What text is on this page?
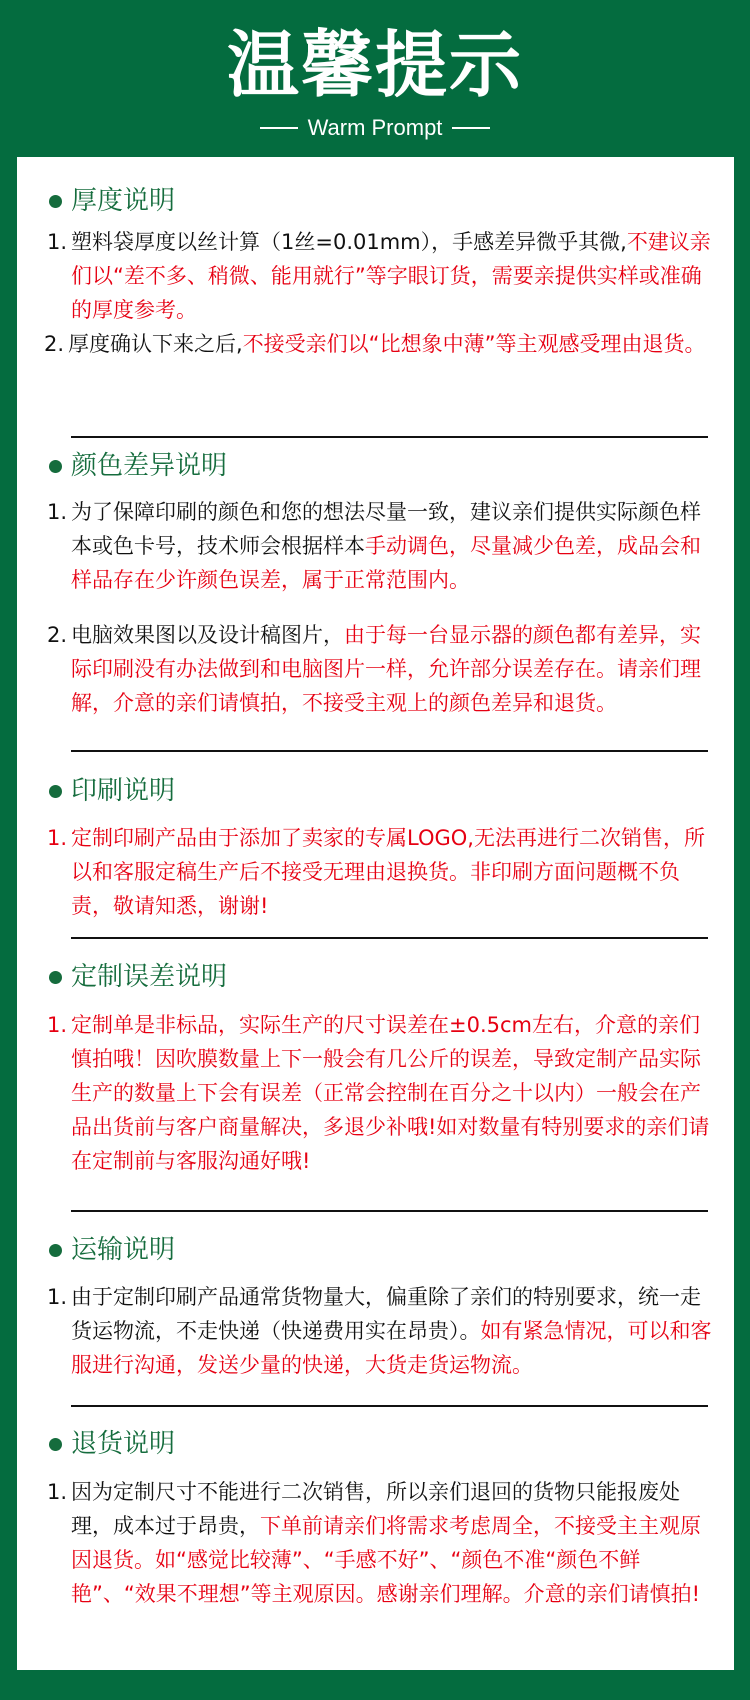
温馨提示
Warm Prompt
厚度说明
1. 塑料袋厚度以丝计算（1丝=0.01mm），手感差异微乎其微,不建议亲们以“差不多、稍微、能用就行”等字眼订货，需要亲提供实样或准确的厚度参考。
2. 厚度确认下来之后,不接受亲们以“比想象中薄”等主观感受理由退货。
颜色差异说明
1. 为了保障印刷的颜色和您的想法尽量一致，建议亲们提供实际颜色样本或色卡号，技术师会根据样本手动调色，尽量减少色差，成品会和样品存在少许颜色误差，属于正常范围内。
2. 电脑效果图以及设计稿图片，由于每一台显示器的颜色都有差异，实际印刷没有办法做到和电脑图片一样，允许部分误差存在。请亲们理解，介意的亲们请慎拍，不接受主观上的颜色差异和退货。
印刷说明
1. 定制印刷产品由于添加了卖家的专属LOGO,无法再进行二次销售，所以和客服定稿生产后不接受无理由退换货。非印刷方面问题概不负责，敬请知悉，谢谢!
定制误差说明
1. 定制单是非标品，实际生产的尺寸误差在±0.5cm左右，介意的亲们慎拍哦！因吹膜数量上下一般会有几公斤的误差，导致定制产品实际生产的数量上下会有误差（正常会控制在百分之十以内）一般会在产品出货前与客户商量解决，多退少补哦!如对数量有特别要求的亲们请在定制前与客服沟通好哦!
运输说明
1. 由于定制印刷产品通常货物量大，偏重除了亲们的特别要求，统一走货运物流，不走快递（快递费用实在昂贵）。如有紧急情况，可以和客服进行沟通，发送少量的快递，大货走货运物流。
退货说明
1. 因为定制尺寸不能进行二次销售，所以亲们退回的货物只能报废处理，成本过于昂贵，下单前请亲们将需求考虑周全，不接受主主观原因退货。如“感觉比较薄”、“手感不好”、“颜色不准“颜色不鲜艳”、“效果不理想”等主观原因。感谢亲们理解。介意的亲们请慎拍!
